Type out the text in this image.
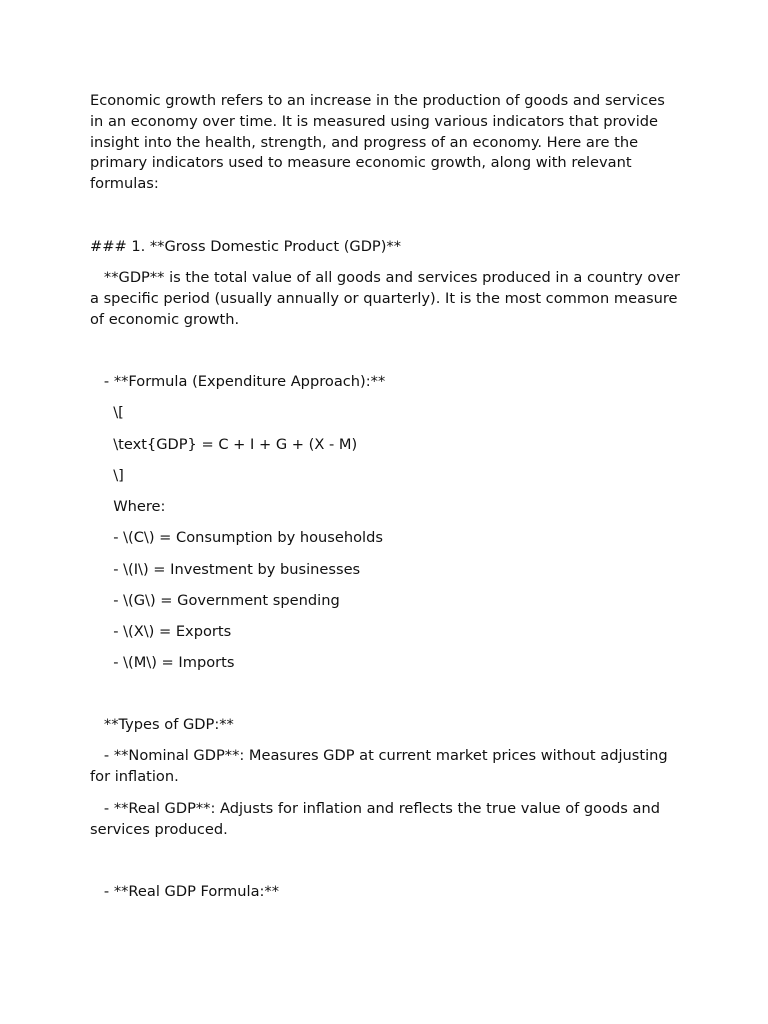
Economic growth refers to an increase in the production of goods and services in an economy over time. It is measured using various indicators that provide insight into the health, strength, and progress of an economy. Here are the primary indicators used to measure economic growth, along with relevant formulas:

### 1. **Gross Domestic Product (GDP)**

**GDP** is the total value of all goods and services produced in a country over a specific period (usually annually or quarterly). It is the most common measure of economic growth.

- **Formula (Expenditure Approach):**

\[

\text{GDP} = C + I + G + (X - M)

\]

Where:

- \(C\) = Consumption by households

- \(I\) = Investment by businesses

- \(G\) = Government spending

- \(X\) = Exports

- \(M\) = Imports

**Types of GDP:**

- **Nominal GDP**: Measures GDP at current market prices without adjusting for inflation.

- **Real GDP**: Adjusts for inflation and reflects the true value of goods and services produced.

- **Real GDP Formula:**
